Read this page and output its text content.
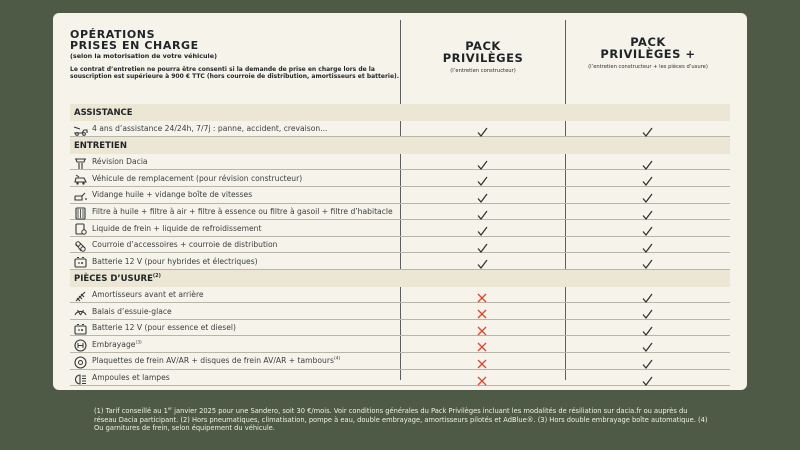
OPÉRATIONS
PRISES EN CHARGE
(selon la motorisation de votre véhicule)
Le contrat d’entretien ne pourra être consenti si la demande de prise en charge lors de la souscription est supérieure à 900 € TTC (hors courroie de distribution, amortisseurs et batterie).
PACK
PRIVILÈGES
(l’entretien constructeur)
PACK
PRIVILÈGES +
(l’entretien constructeur + les pièces d’usure)
ASSISTANCE
4 ans d’assistance 24/24h, 7/7j : panne, accident, crevaison...
ENTRETIEN
Révision Dacia
Véhicule de remplacement (pour révision constructeur)
Vidange huile + vidange boîte de vitesses
Filtre à huile + filtre à air + filtre à essence ou filtre à gasoil + filtre d’habitacle
Liquide de frein + liquide de refroidissement
Courroie d’accessoires + courroie de distribution
Batterie 12 V (pour hybrides et électriques)
PIÈCES D’USURE$^{(2)}$
Amortisseurs avant et arrière
Balais d’essuie-glace
Batterie 12 V (pour essence et diesel)
Embrayage$^{(3)}$
Plaquettes de frein AV/AR + disques de frein AV/AR + tambours$^{(4)}$
Ampoules et lampes
(1) Tarif conseillé au 1er janvier 2025 pour une Sandero, soit 30 €/mois. Voir conditions générales du Pack Privilèges incluant les modalités de résiliation sur dacia.fr ou auprès du réseau Dacia participant. (2) Hors pneumatiques, climatisation, pompe à eau, double embrayage, amortisseurs pilotés et AdBlue®. (3) Hors double embrayage boîte automatique. (4) Ou garnitures de frein, selon équipement du véhicule.
